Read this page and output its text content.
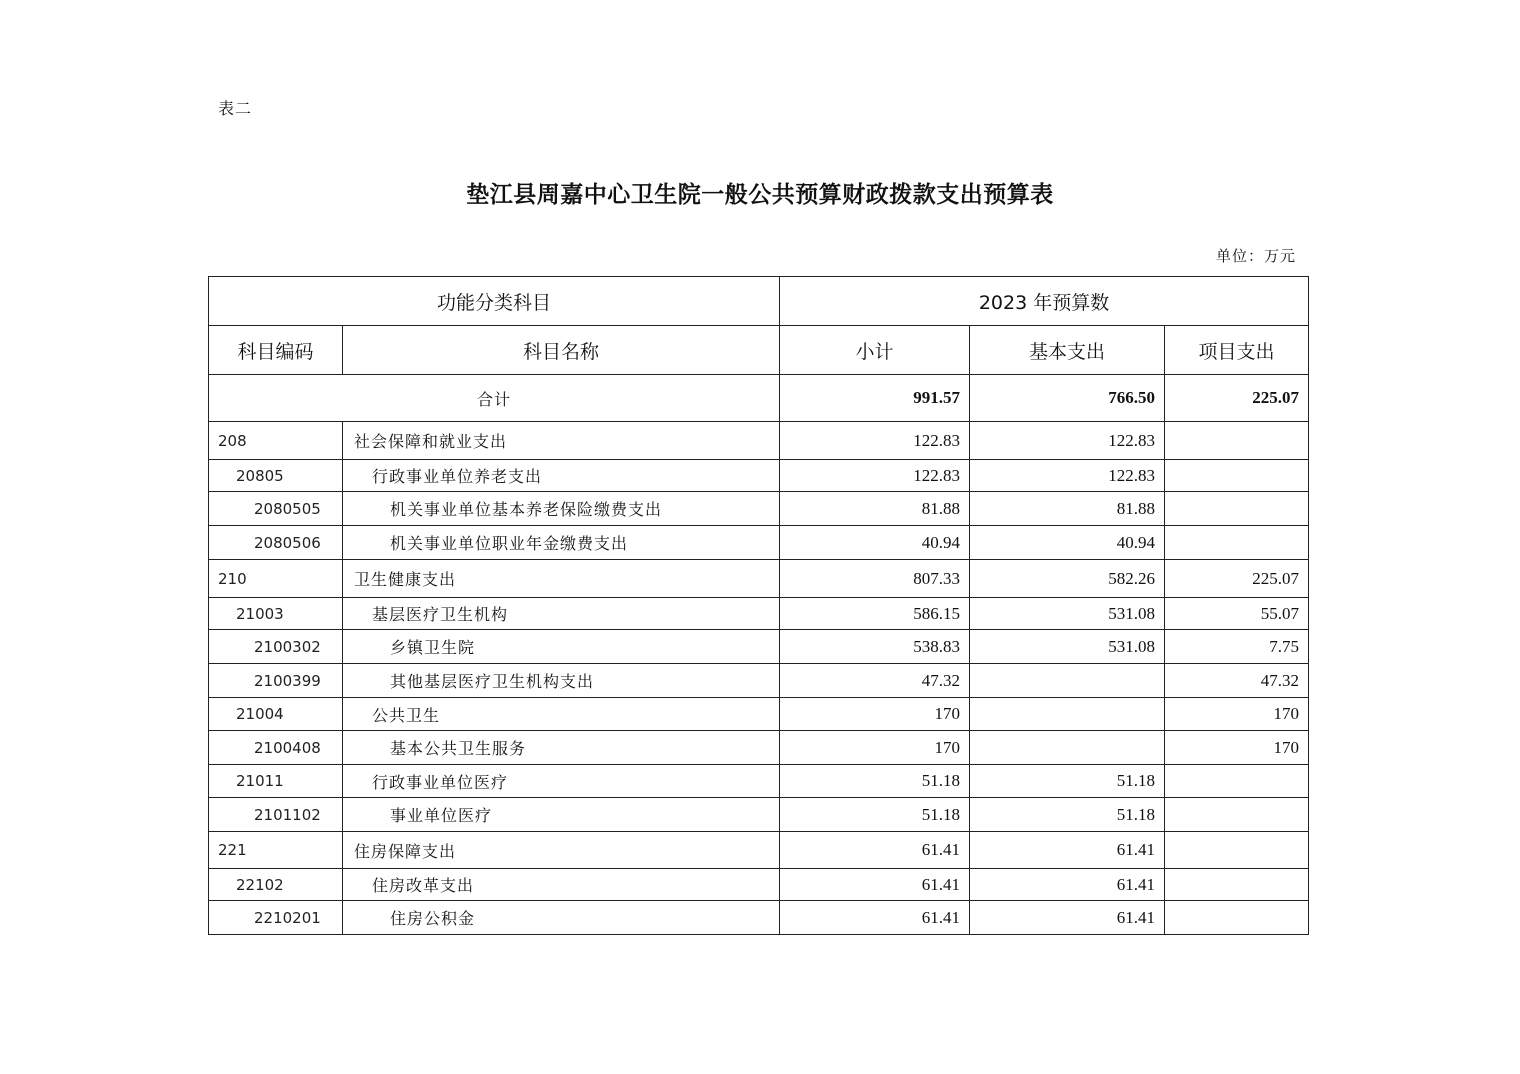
表二
垫江县周嘉中心卫生院一般公共预算财政拨款支出预算表
单位：万元
功能分类科目		2023 年预算数		
科目编码	科目名称	小计	基本支出	项目支出
合计		991.57	766.50	225.07
208	社会保障和就业支出	122.83	122.83	
20805	行政事业单位养老支出	122.83	122.83	
2080505	机关事业单位基本养老保险缴费支出	81.88	81.88	
2080506	机关事业单位职业年金缴费支出	40.94	40.94	
210	卫生健康支出	807.33	582.26	225.07
21003	基层医疗卫生机构	586.15	531.08	55.07
2100302	乡镇卫生院	538.83	531.08	7.75
2100399	其他基层医疗卫生机构支出	47.32		47.32
21004	公共卫生	170		170
2100408	基本公共卫生服务	170		170
21011	行政事业单位医疗	51.18	51.18	
2101102	事业单位医疗	51.18	51.18	
221	住房保障支出	61.41	61.41	
22102	住房改革支出	61.41	61.41	
2210201	住房公积金	61.41	61.41	
